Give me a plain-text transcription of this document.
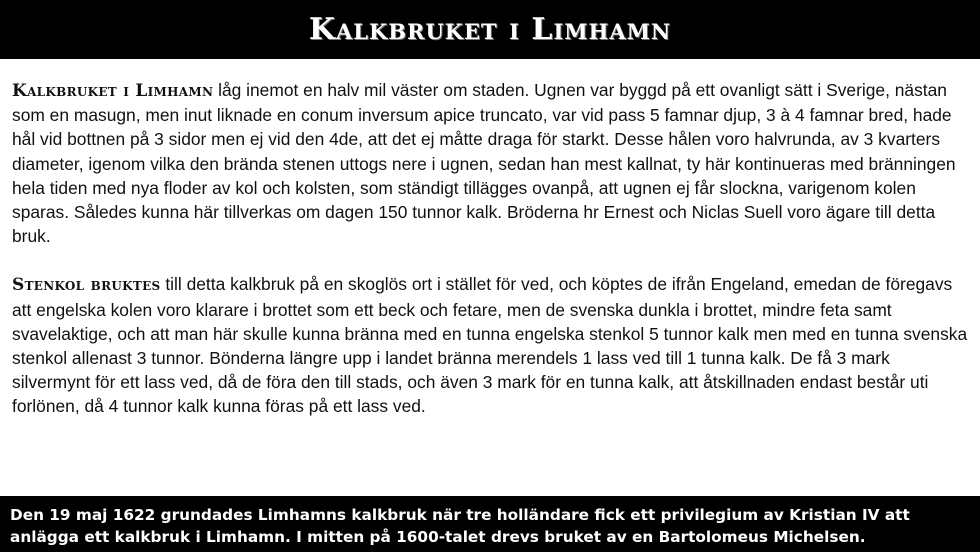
Kalkbruket i Limhamn

Kalkbruket i Limhamn låg inemot en halv mil väster om staden. Ugnen var byggd på ett ovanligt sätt i Sverige, nästan som en masugn, men inut liknade en conum inversum apice truncato, var vid pass 5 famnar djup, 3 à 4 famnar bred, hade hål vid bottnen på 3 sidor men ej vid den 4de, att det ej måtte draga för starkt. Desse hålen voro halvrunda, av 3 kvarters diameter, igenom vilka den brända stenen uttogs nere i ugnen, sedan han mest kallnat, ty här kontinueras med bränningen hela tiden med nya floder av kol och kolsten, som ständigt tillägges ovanpå, att ugnen ej får slockna, varigenom kolen sparas. Således kunna här tillverkas om dagen 150 tunnor kalk. Bröderna hr Ernest och Niclas Suell voro ägare till detta bruk.

Stenkol bruktes till detta kalkbruk på en skoglös ort i stället för ved, och köptes de ifrån Engeland, emedan de föregavs att engelska kolen voro klarare i brottet som ett beck och fetare, men de svenska dunkla i brottet, mindre feta samt svavelaktige, och att man här skulle kunna bränna med en tunna engelska stenkol 5 tunnor kalk men med en tunna svenska stenkol allenast 3 tunnor. Bönderna längre upp i landet bränna merendels 1 lass ved till 1 tunna kalk. De få 3 mark silvermynt för ett lass ved, då de föra den till stads, och även 3 mark för en tunna kalk, att åtskillnaden endast består uti forlönen, då 4 tunnor kalk kunna föras på ett lass ved.

Den 19 maj 1622 grundades Limhamns kalkbruk när tre holländare fick ett privilegium av Kristian IV att anlägga ett kalkbruk i Limhamn. I mitten på 1600-talet drevs bruket av en Bartolomeus Michelsen.
